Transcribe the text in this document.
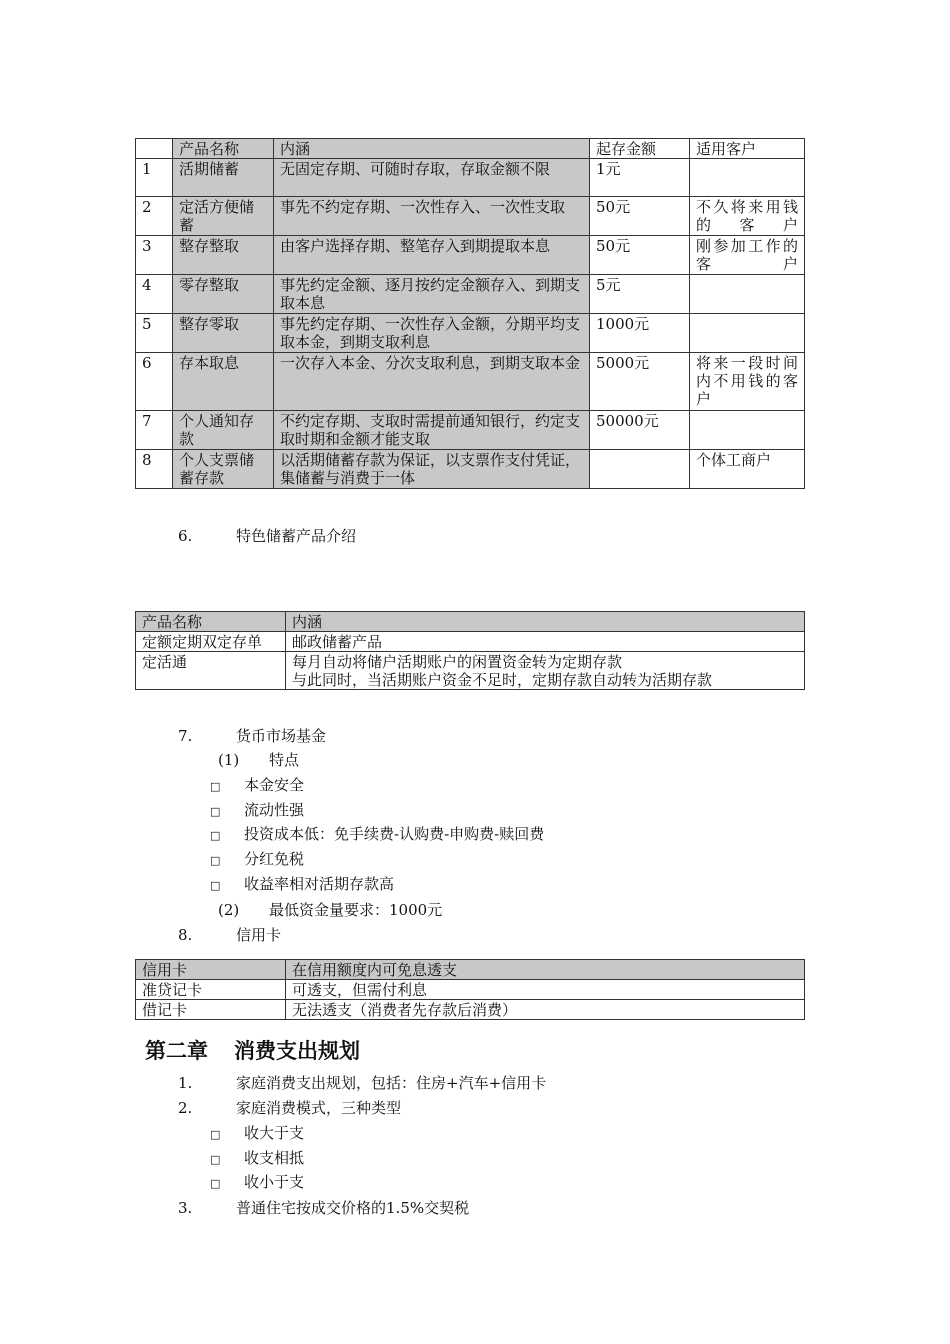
	产品名称	内涵	起存金额	适用客户
1	活期储蓄	无固定存期、可随时存取，存取金额不限	1元	
2	定活方便储蓄	事先不约定存期、一次性存入、一次性支取	50元	不久将来用钱的客户
3	整存整取	由客户选择存期、整笔存入到期提取本息	50元	刚参加工作的客户
4	零存整取	事先约定金额、逐月按约定金额存入、到期支取本息	5元	
5	整存零取	事先约定存期、一次性存入金额，分期平均支取本金，到期支取利息	1000元	
6	存本取息	一次存入本金、分次支取利息，到期支取本金	5000元	将来一段时间内不用钱的客户
7	个人通知存款	不约定存期、支取时需提前通知银行，约定支取时期和金额才能支取	50000元	
8	个人支票储蓄存款	以活期储蓄存款为保证，以支票作支付凭证，集储蓄与消费于一体		个体工商户
6.	特色储蓄产品介绍
产品名称	内涵
定额定期双定存单	邮政储蓄产品
定活通	每月自动将储户活期账户的闲置资金转为定期存款
与此同时，当活期账户资金不足时，定期存款自动转为活期存款
7.	货币市场基金
(1) 特点
□ 本金安全
□ 流动性强
□ 投资成本低：免手续费-认购费-申购费-赎回费
□ 分红免税
□ 收益率相对活期存款高
(2) 最低资金量要求：1000元
8.	信用卡
信用卡	在信用额度内可免息透支
准贷记卡	可透支，但需付利息
借记卡	无法透支（消费者先存款后消费）
第二章 消费支出规划
1.	家庭消费支出规划，包括：住房+汽车+信用卡
2.	家庭消费模式，三种类型
□ 收大于支
□ 收支相抵
□ 收小于支
3.	普通住宅按成交价格的1.5%交契税
